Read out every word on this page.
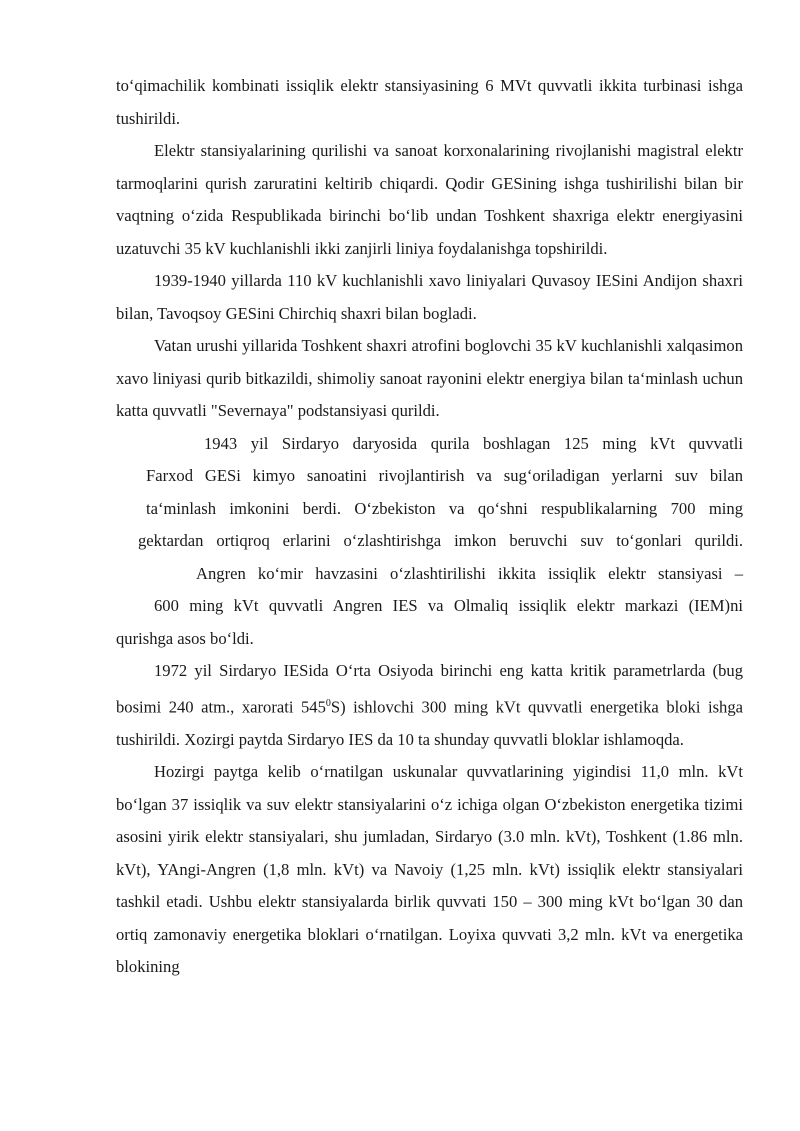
to‘qimachilik kombinati issiqlik elektr stansiyasining 6 MVt quvvatli ikkita turbinasi ishga tushirildi.

Elektr stansiyalarining qurilishi va sanoat korxonalarining rivojlanishi magistral elektr tarmoqlarini qurish zaruratini keltirib chiqardi. Qodir GESining ishga tushirilishi bilan bir vaqtning o‘zida Respublikada birinchi bo‘lib undan Toshkent shaxriga elektr energiyasini uzatuvchi 35 kV kuchlanishli ikki zanjirli liniya foydalanishga topshirildi.

1939-1940 yillarda 110 kV kuchlanishli xavo liniyalari Quvasoy IESini Andijon shaxri bilan, Tavoqsoy GESini Chirchiq shaxri bilan bogladi.

Vatan urushi yillarida Toshkent shaxri atrofini boglovchi 35 kV kuchlanishli xalqasimon xavo liniyasi qurib bitkazildi, shimoliy sanoat rayonini elektr energiya bilan ta‘minlash uchun katta quvvatli "Severnaya" podstansiyasi qurildi.

1943 yil Sirdaryo daryosida qurila boshlagan 125 ming kVt quvvatli

Farxod GESi kimyo sanoatini rivojlantirish va sug‘oriladigan yerlarni suv bilan

ta‘minlash imkonini berdi. O‘zbekiston va qo‘shni respublikalarning 700 ming

gektardan ortiqroq erlarini o‘zlashtirishga imkon beruvchi suv to‘gonlari qurildi.

Angren ko‘mir havzasini o‘zlashtirilishi ikkita issiqlik elektr stansiyasi –

600 ming kVt quvvatli Angren IES va Olmaliq issiqlik elektr markazi (IEM)ni

qurishga asos bo‘ldi.

1972 yil Sirdaryo IESida O‘rta Osiyoda birinchi eng katta kritik parametrlarda (bug bosimi 240 atm., xarorati $545^0S$) ishlovchi 300 ming kVt quvvatli energetika bloki ishga tushirildi. Xozirgi paytda Sirdaryo IES da 10 ta shunday quvvatli bloklar ishlamoqda.

Hozirgi paytga kelib o‘rnatilgan uskunalar quvvatlarining yigindisi 11,0 mln. kVt bo‘lgan 37 issiqlik va suv elektr stansiyalarini o‘z ichiga olgan O‘zbekiston energetika tizimi asosini yirik elektr stansiyalari, shu jumladan, Sirdaryo (3.0 mln. kVt), Toshkent (1.86 mln. kVt), YAngi-Angren (1,8 mln. kVt) va Navoiy (1,25 mln. kVt) issiqlik elektr stansiyalari tashkil etadi. Ushbu elektr stansiyalarda birlik quvvati 150 – 300 ming kVt bo‘lgan 30 dan ortiq zamonaviy energetika bloklari o‘rnatilgan. Loyixa quvvati 3,2 mln. kVt va energetika blokining
